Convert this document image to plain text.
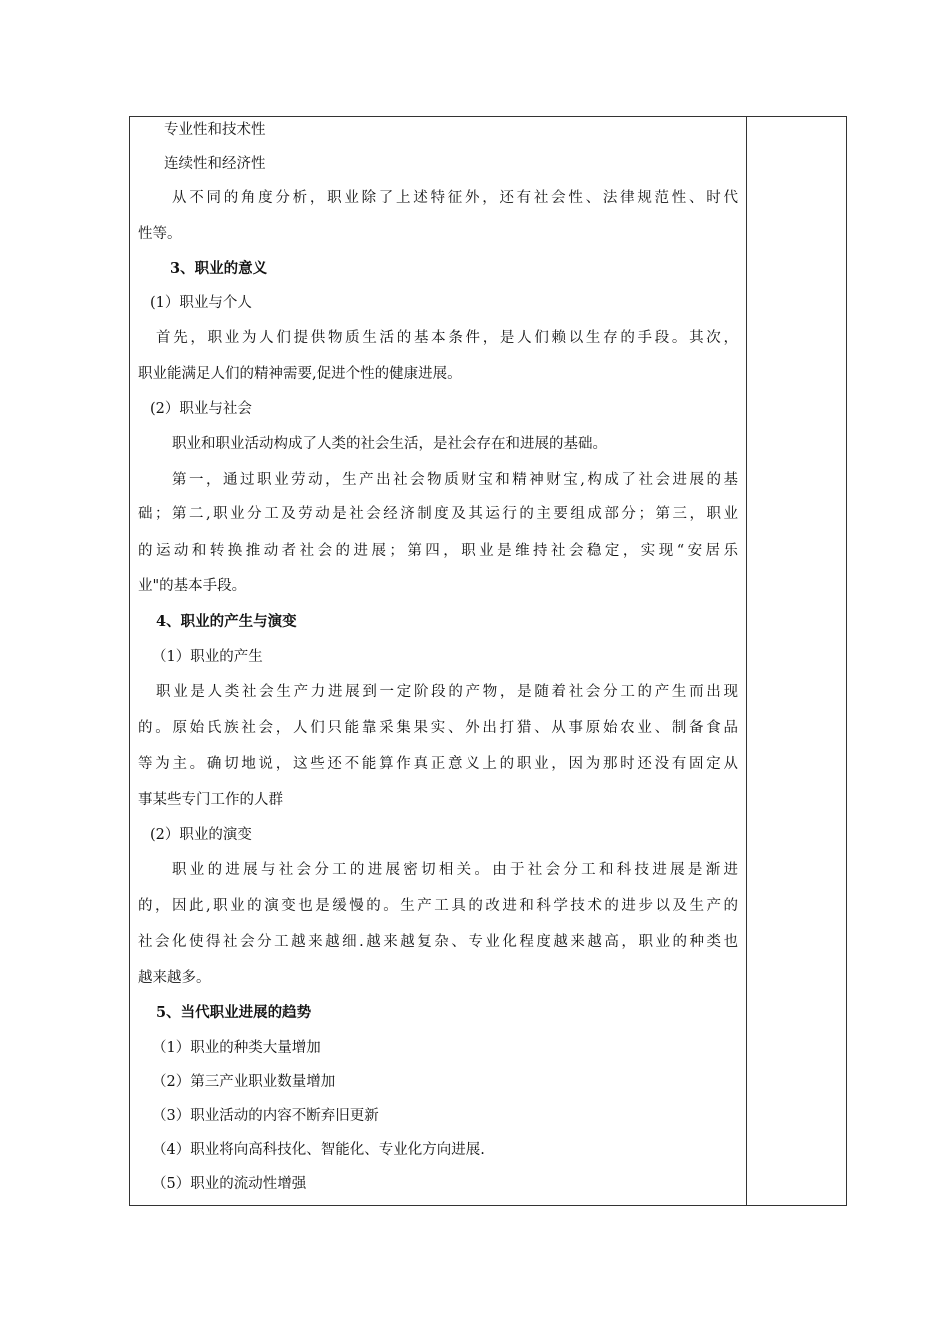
专业性和技术性
连续性和经济性
从不同的角度分析，职业除了上述特征外，还有社会性、法律规范性、时代
性等。
3、职业的意义
(1）职业与个人
首先，职业为人们提供物质生活的基本条件，是人们赖以生存的手段。其次，
职业能满足人们的精神需要,促进个性的健康进展。
(2）职业与社会
职业和职业活动构成了人类的社会生活，是社会存在和进展的基础。
第一，通过职业劳动，生产出社会物质财宝和精神财宝,构成了社会进展的基
础；第二,职业分工及劳动是社会经济制度及其运行的主要组成部分；第三，职业
的运动和转换推动者社会的进展；第四，职业是维持社会稳定，实现“安居乐
业"的基本手段。
4、职业的产生与演变
（1）职业的产生
职业是人类社会生产力进展到一定阶段的产物，是随着社会分工的产生而出现
的。原始氏族社会，人们只能靠采集果实、外出打猎、从事原始农业、制备食品
等为主。确切地说，这些还不能算作真正意义上的职业，因为那时还没有固定从
事某些专门工作的人群
(2）职业的演变
职业的进展与社会分工的进展密切相关。由于社会分工和科技进展是渐进
的，因此,职业的演变也是缓慢的。生产工具的改进和科学技术的进步以及生产的
社会化使得社会分工越来越细.越来越复杂、专业化程度越来越高，职业的种类也
越来越多。
5、当代职业进展的趋势
（1）职业的种类大量增加
（2）第三产业职业数量增加
（3）职业活动的内容不断弃旧更新
（4）职业将向高科技化、智能化、专业化方向进展.
（5）职业的流动性增强
